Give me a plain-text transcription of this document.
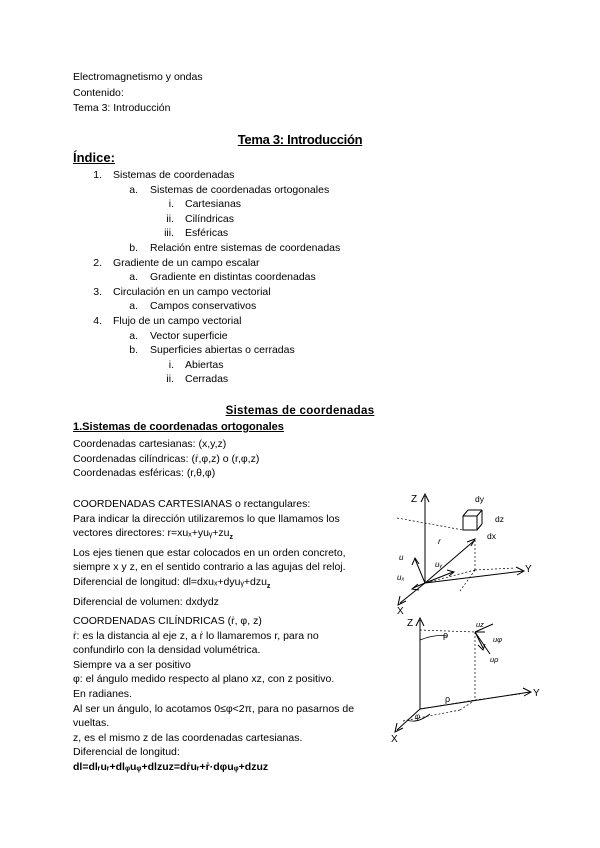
Electromagnetismo y ondas
Contenido:
Tema 3: Introducción
Tema 3: Introducción
Índice:
1. Sistemas de coordenadas
a. Sistemas de coordenadas ortogonales
i. Cartesianas
ii. Cilíndricas
iii. Esféricas
b. Relación entre sistemas de coordenadas
2. Gradiente de un campo escalar
a. Gradiente en distintas coordenadas
3. Circulación en un campo vectorial
a. Campos conservativos
4. Flujo de un campo vectorial
a. Vector superficie
b. Superficies abiertas o cerradas
i. Abiertas
ii. Cerradas
Sistemas de coordenadas
1.Sistemas de coordenadas ortogonales
Coordenadas cartesianas: (x,y,z)
Coordenadas cilíndricas: (ṙ,φ,z) o (r,φ,z)
Coordenadas esféricas: (r,θ,φ)
COORDENADAS CARTESIANAS o rectangulares:
Para indicar la dirección utilizaremos lo que llamamos los
vectores directores: $r=xu_x+yuᵧ+zu_z$
Los ejes tienen que estar colocados en un orden concreto,
siempre x y z, en el sentido contrario a las agujas del reloj.
Diferencial de longitud: dl=dxuₓ+dyuᵧ+dzu$_z$
Diferencial de volumen: dxdydz
COORDENADAS CILÍNDRICAS (ṙ, φ, z)
ṙ: es la distancia al eje z, a ṙ lo llamaremos r, para no
confundirlo con la densidad volumétrica.
Siempre va a ser positivo
φ: el ángulo medido respecto al plano xz, con z positivo.
En radianes.
Al ser un ángulo, lo acotamos 0≤φ<2π, para no pasarnos de
vueltas.
z, es el mismo z de las coordenadas cartesianas.
Diferencial de longitud:
dl=dlᵣuᵣ+dlᵩuᵩ+dlzuz=dṙuᵣ+ṙ·dφuᵩ+dzuz
Z
Y
X
dy
dz
dx
r
uₓ
uᵧ
u
Z
Y
X
ρ
ρ
φ
uρ
uφ
uz
